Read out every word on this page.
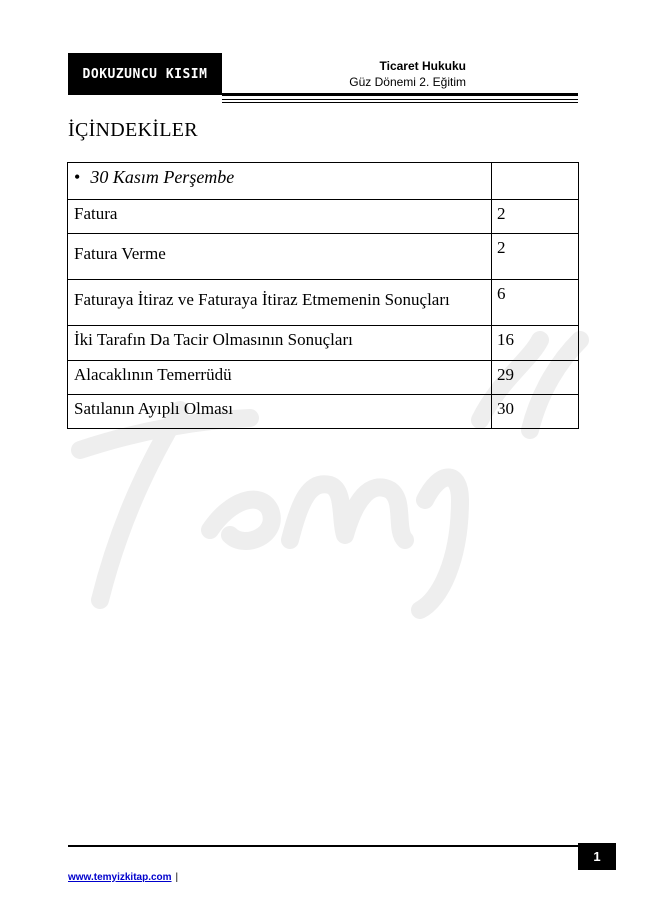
DOKUZUNCU KISIM
Ticaret Hukuku
Güz Dönemi 2. Eğitim
İÇİNDEKİLER
• 30 Kasım Perşembe	
Fatura	2
Fatura Verme	2
Faturaya İtiraz ve Faturaya İtiraz Etmemenin Sonuçları	6
İki Tarafın Da Tacir Olmasının Sonuçları	16
Alacaklının Temerrüdü	29
Satılanın Ayıplı Olması	30
1
www.temyizkitap.com |
